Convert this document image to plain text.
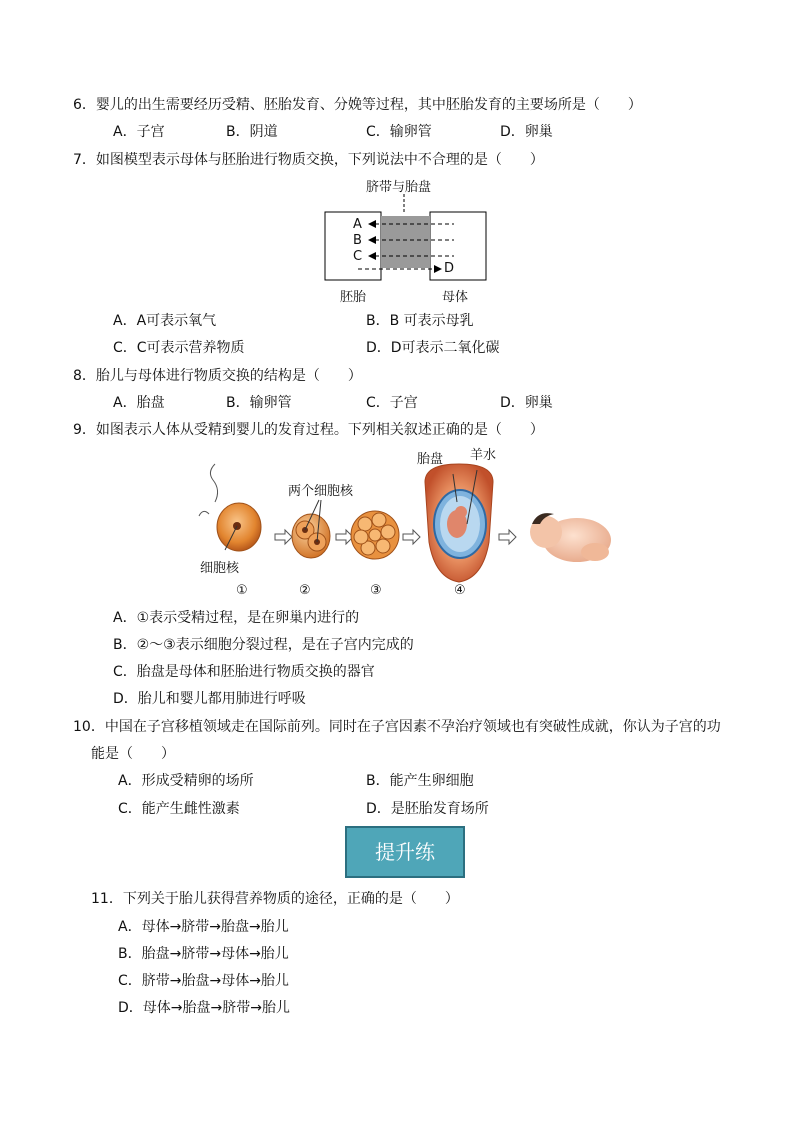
6．婴儿的出生需要经历受精、胚胎发育、分娩等过程，其中胚胎发育的主要场所是（　　）
A．子宫	B．阴道	C．输卵管	D．卵巢
7．如图模型表示母体与胚胎进行物质交换，下列说法中不合理的是（　　）
脐带与胎盘
A
B
C
D
胚胎	母体
A．A可表示氧气	B．B 可表示母乳
C．C可表示营养物质	D．D可表示二氧化碳
8．胎儿与母体进行物质交换的结构是（　　）
A．胎盘	B．输卵管	C．子宫	D．卵巢
9．如图表示人体从受精到婴儿的发育过程。下列相关叙述正确的是（　　）
细胞核
两个细胞核
胎盘 羊水
①	②	③	④
A．①表示受精过程，是在卵巢内进行的
B．②～③表示细胞分裂过程，是在子宫内完成的
C．胎盘是母体和胚胎进行物质交换的器官
D．胎儿和婴儿都用肺进行呼吸
10．中国在子宫移植领域走在国际前列。同时在子宫因素不孕治疗领域也有突破性成就，你认为子宫的功
能是（　　）
A．形成受精卵的场所	B．能产生卵细胞
C．能产生雌性激素	D．是胚胎发育场所
提升练
11．下列关于胎儿获得营养物质的途径，正确的是（　　）
A．母体→脐带→胎盘→胎儿
B．胎盘→脐带→母体→胎儿
C．脐带→胎盘→母体→胎儿
D．母体→胎盘→脐带→胎儿
